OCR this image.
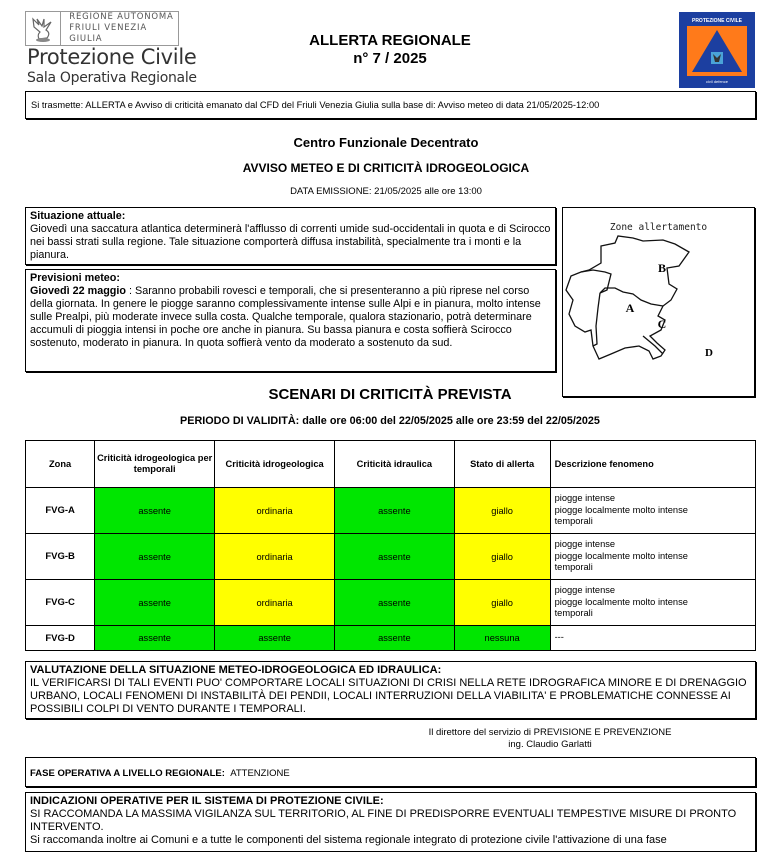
REGIONE AUTONOMA
FRIULI VENEZIA GIULIA
Protezione Civile
Sala Operativa Regionale
ALLERTA REGIONALE
n° 7 / 2025
PROTEZIONE CIVILE
civil defence
Si trasmette: ALLERTA e Avviso di criticità emanato dal CFD del Friuli Venezia Giulia sulla base di: Avviso meteo di data 21/05/2025-12:00
Centro Funzionale Decentrato
AVVISO METEO E DI CRITICITÀ IDROGEOLOGICA
DATA EMISSIONE: 21/05/2025 alle ore 13:00
Situazione attuale:
Giovedì una saccatura atlantica determinerà l'afflusso di correnti umide sud-occidentali in quota e di Scirocco nei bassi strati sulla regione. Tale situazione comporterà diffusa instabilità, specialmente tra i monti e la pianura.
Previsioni meteo:
Giovedì 22 maggio : Saranno probabili rovesci e temporali, che si presenteranno a più riprese nel corso della giornata. In genere le piogge saranno complessivamente intense sulle Alpi e in pianura, molto intense sulle Prealpi, più moderate invece sulla costa. Qualche temporale, qualora stazionario, potrà determinare accumuli di pioggia intensi in poche ore anche in pianura. Su bassa pianura e costa soffierà Scirocco sostenuto, moderato in pianura. In quota soffierà vento da moderato a sostenuto da sud.
Zone allertamento
B
A
C
D
SCENARI DI CRITICITÀ PREVISTA
PERIODO DI VALIDITÀ: dalle ore 06:00 del 22/05/2025 alle ore 23:59 del 22/05/2025
Zona	Criticità idrogeologica per temporali	Criticità idrogeologica	Criticità idraulica	Stato di allerta	Descrizione fenomeno
FVG-A	assente	ordinaria	assente	giallo	piogge intense
piogge localmente molto intense
temporali

FVG-B	assente	ordinaria	assente	giallo	piogge intense
piogge localmente molto intense
temporali

FVG-C	assente	ordinaria	assente	giallo	piogge intense
piogge localmente molto intense
temporali

FVG-D	assente	assente	assente	nessuna	---
VALUTAZIONE DELLA SITUAZIONE METEO-IDROGEOLOGICA ED IDRAULICA:
IL VERIFICARSI DI TALI EVENTI PUO' COMPORTARE LOCALI SITUAZIONI DI CRISI NELLA RETE IDROGRAFICA MINORE E DI DRENAGGIO URBANO, LOCALI FENOMENI DI INSTABILITÀ DEI PENDII, LOCALI INTERRUZIONI DELLA VIABILITA' E PROBLEMATICHE CONNESSE AI POSSIBILI COLPI DI VENTO DURANTE I TEMPORALI.
Il direttore del servizio di PREVISIONE E PREVENZIONE
ing. Claudio Garlatti
FASE OPERATIVA A LIVELLO REGIONALE: ATTENZIONE
INDICAZIONI OPERATIVE PER IL SISTEMA DI PROTEZIONE CIVILE:
SI RACCOMANDA LA MASSIMA VIGILANZA SUL TERRITORIO, AL FINE DI PREDISPORRE EVENTUALI TEMPESTIVE MISURE DI PRONTO INTERVENTO.
Si raccomanda inoltre ai Comuni e a tutte le componenti del sistema regionale integrato di protezione civile l'attivazione di una fase
